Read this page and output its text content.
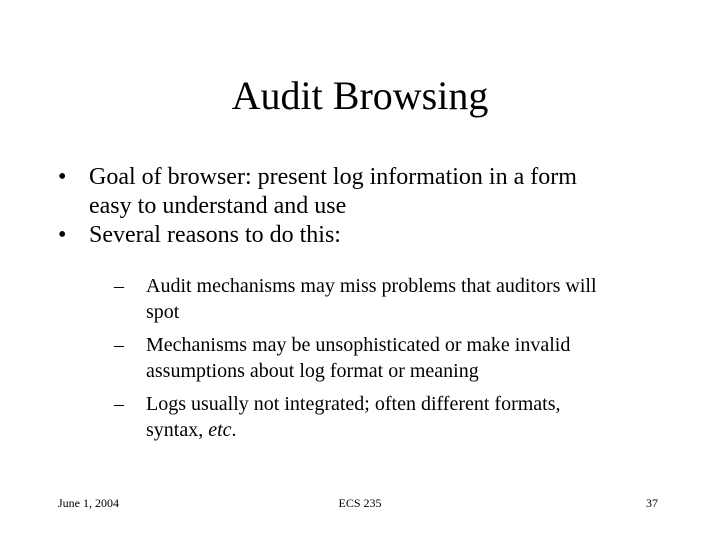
Audit Browsing
• Goal of browser: present log information in a form
easy to understand and use
• Several reasons to do this:
– Audit mechanisms may miss problems that auditors will
spot
– Mechanisms may be unsophisticated or make invalid
assumptions about log format or meaning
– Logs usually not integrated; often different formats,
syntax, etc.
June 1, 2004	ECS 235	37
